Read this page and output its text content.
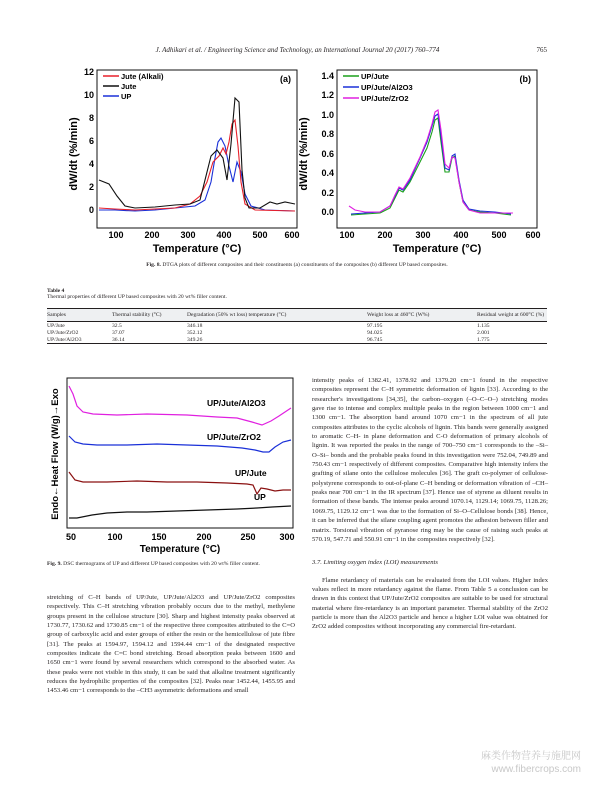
J. Adhikari et al. / Engineering Science and Technology, an International Journal 20 (2017) 760–774	765
dW/dt (%/min)
0
2
4
6
8
10
12
100 200 300 400 500 600
Temperature (°C)
(a)
Jute (Alkali)
Jute
UP
dW/dt (%/min)
0.0
0.2
0.4
0.6
0.8
1.0
1.2
1.4
100	200	300	400	500 600
Temperature (°C)
(b)
UP/Jute
UP/Jute/Al2O3
UP/Jute/ZrO2
Fig. 8. DTGA plots of different composites and their constituents (a) constituents of the composites (b) different UP based composites.
Table 4
Thermal properties of different UP based composites with 20 wt% filler content.
Samples	Thermal stability (°C)	Degradation (50% wt loss) temperature (°C)	Weight loss at 460°C (W%)	Residual weight at 600°C (%)
UP/Jute	32.5	346.18	97.195	1.135
UP/Jute/ZrO2	37.07	352.12	94.025	2.001
UP/Jute/Al2O3	36.14	349.26	96.745	1.775
Endo←Heat Flow (W/g)→Exo
50	100	150	200	250	300
Temperature (°C)
UP/Jute/Al2O3
UP/Jute/ZrO2
UP/Jute
UP
Fig. 9. DSC thermograms of UP and different UP based composites with 20 wt% filler content.

stretching of C–H bands of UP/Jute, UP/Jute/Al2O3 and UP/Jute/ZrO2 composites respectively. This C–H stretching vibration probably occurs due to the methyl, methylene groups present in the cellulose structure [30]. Sharp and highest intensity peaks observed at 1730.77, 1730.62 and 1730.85 cm−1 of the respective three composites attributed to the C=O group of carboxylic acid and ester groups of either the resin or the hemicellulose of jute fibre [31]. The peaks at 1594.97, 1594.12 and 1594.44 cm−1 of the designated respective composites indicate the C=C bond stretching. Broad absorption peaks between 1600 and 1650 cm−1 were found by several researchers which correspond to the absorbed water. As these peaks were not visible in this study, it can be said that alkaline treatment significantly reduces the hydrophilic properties of the composites [32]. Peaks near 1452.44, 1455.95 and 1453.46 cm−1 corresponds to the –CH3 asymmetric deformations and small

intensity peaks of 1382.41, 1378.92 and 1379.20 cm−1 found in the respective composites represent the C–H symmetric deformation of lignin [33]. According to the researcher's investigations [34,35], the carbon–oxygen (–O–C–O–) stretching modes gave rise to intense and complex multiple peaks in the region between 1000 cm−1 and 1300 cm−1. The absorption band around 1070 cm−1 in the spectrum of all jute composites attributes to the cyclic alcohols of lignin. This bands were generally assigned to aromatic C–H- in plane deformation and C-O deformation of primary alcohols of lignin. It was reported the peaks in the range of 700–750 cm−1 corresponds to the –Si–O–Si– bonds and the probable peaks found in this investigation were 752.04, 749.89 and 750.43 cm−1 respectively of different composites. Comparative high intensity infers the grafting of silane onto the cellulose molecules [36]. The graft co-polymer of cellulose-polystyrene corresponds to out-of-plane C–H bending or deformation vibration of –CH– peaks near 700 cm−1 in the IR spectrum [37]. Hence use of styrene as diluent results in formation of these bands. The intense peaks around 1070.14, 1129.14; 1069.75, 1128.26; 1069.75, 1129.12 cm−1 was due to the formation of Si–O–Cellulose bonds [38]. Hence, it can be inferred that the silane coupling agent promotes the adhesion between filler and matrix. Torsional vibration of pyranose ring may be the cause of raising such peaks at 570.19, 547.71 and 550.91 cm−1 in the composites respectively [32].

3.7. Limiting oxygen index (LOI) measurements

Flame retardancy of materials can be evaluated from the LOI values. Higher index values reflect in more retardancy against the flame. From Table 5 a conclusion can be drawn in this context that UP/Jute/ZrO2 composites are suitable to be used for structural material where fire-retardancy is an important parameter. Thermal stability of the ZrO2 particle is more than the Al2O3 particle and hence a higher LOI value was obtained for ZrO2 added composites without incorporating any commercial fire-retardant.

麻类作物营养与施肥网
www.fibercrops.com
